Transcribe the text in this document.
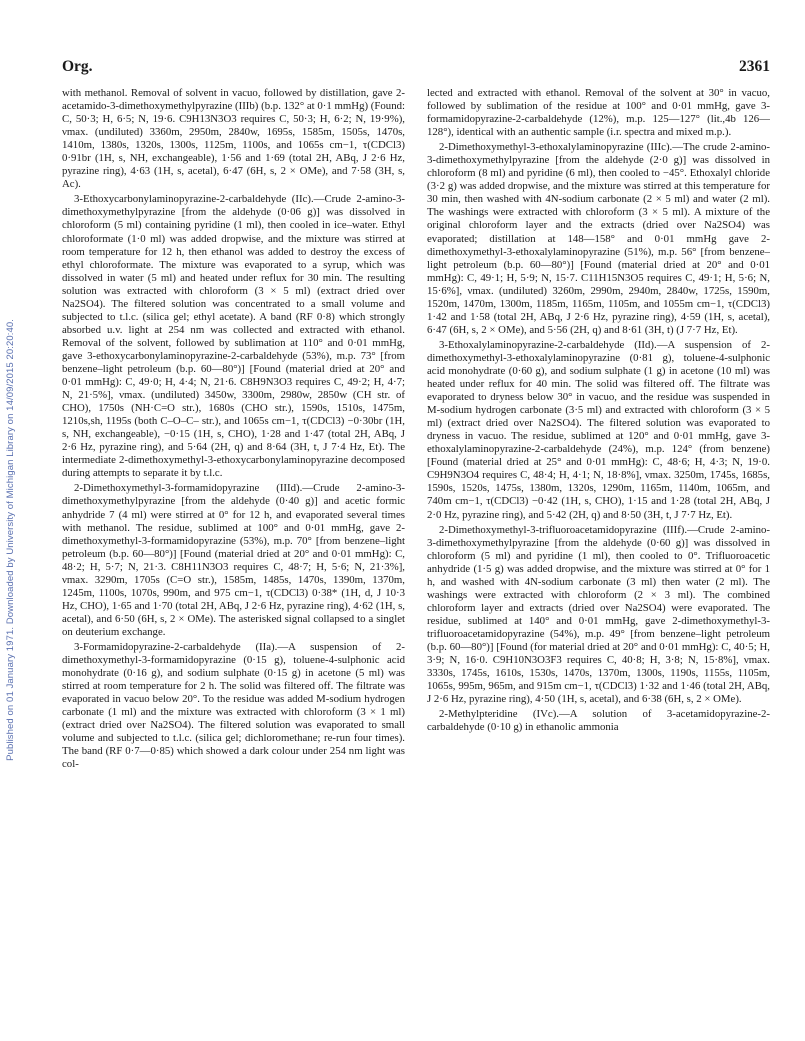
Published on 01 January 1971. Downloaded by University of Michigan Library on 14/09/2015 20:20:40.
Org.	2361

with methanol. Removal of solvent in vacuo, followed by distillation, gave 2-acetamido-3-dimethoxymethylpyrazine (IIIb) (b.p. 132° at 0·1 mmHg) (Found: C, 50·3; H, 6·5; N, 19·6. C9H13N3O3 requires C, 50·3; H, 6·2; N, 19·9%), νmax. (undiluted) 3360m, 2950m, 2840w, 1695s, 1585m, 1505s, 1470s, 1410m, 1380s, 1320s, 1300s, 1125m, 1100s, and 1065s cm−1, τ(CDCl3) 0·91br (1H, s, NH, exchangeable), 1·56 and 1·69 (total 2H, ABq, J 2·6 Hz, pyrazine ring), 4·63 (1H, s, acetal), 6·47 (6H, s, 2 × OMe), and 7·58 (3H, s, Ac).

3-Ethoxycarbonylaminopyrazine-2-carbaldehyde (IIc).—Crude 2-amino-3-dimethoxymethylpyrazine [from the aldehyde (0·06 g)] was dissolved in chloroform (5 ml) containing pyridine (1 ml), then cooled in ice–water. Ethyl chloroformate (1·0 ml) was added dropwise, and the mixture was stirred at room temperature for 12 h, then ethanol was added to destroy the excess of ethyl chloroformate. The mixture was evaporated to a syrup, which was dissolved in water (5 ml) and heated under reflux for 30 min. The resulting solution was extracted with chloroform (3 × 5 ml) (extract dried over Na2SO4). The filtered solution was concentrated to a small volume and subjected to t.l.c. (silica gel; ethyl acetate). A band (RF 0·8) which strongly absorbed u.v. light at 254 nm was collected and extracted with ethanol. Removal of the solvent, followed by sublimation at 110° and 0·01 mmHg, gave 3-ethoxycarbonylaminopyrazine-2-carbaldehyde (53%), m.p. 73° [from benzene–light petroleum (b.p. 60—80°)] [Found (material dried at 20° and 0·01 mmHg): C, 49·0; H, 4·4; N, 21·6. C8H9N3O3 requires C, 49·2; H, 4·7; N, 21·5%], νmax. (undiluted) 3450w, 3300m, 2980w, 2850w (CH str. of CHO), 1750s (NH·C=O str.), 1680s (CHO str.), 1590s, 1510s, 1475m, 1210s,sh, 1195s (both C–O–C– str.), and 1065s cm−1, τ(CDCl3) −0·30br (1H, s, NH, exchangeable), −0·15 (1H, s, CHO), 1·28 and 1·47 (total 2H, ABq, J 2·6 Hz, pyrazine ring), and 5·64 (2H, q) and 8·64 (3H, t, J 7·4 Hz, Et). The intermediate 2-dimethoxymethyl-3-ethoxycarbonylaminopyrazine decomposed during attempts to separate it by t.l.c.

2-Dimethoxymethyl-3-formamidopyrazine (IIId).—Crude 2-amino-3-dimethoxymethylpyrazine [from the aldehyde (0·40 g)] and acetic formic anhydride 7 (4 ml) were stirred at 0° for 12 h, and evaporated several times with methanol. The residue, sublimed at 100° and 0·01 mmHg, gave 2-dimethoxymethyl-3-formamidopyrazine (53%), m.p. 70° [from benzene–light petroleum (b.p. 60—80°)] [Found (material dried at 20° and 0·01 mmHg): C, 48·2; H, 5·7; N, 21·3. C8H11N3O3 requires C, 48·7; H, 5·6; N, 21·3%], νmax. 3290m, 1705s (C=O str.), 1585m, 1485s, 1470s, 1390m, 1370m, 1245m, 1100s, 1070s, 990m, and 975 cm−1, τ(CDCl3) 0·38* (1H, d, J 10·3 Hz, CHO), 1·65 and 1·70 (total 2H, ABq, J 2·6 Hz, pyrazine ring), 4·62 (1H, s, acetal), and 6·50 (6H, s, 2 × OMe). The asterisked signal collapsed to a singlet on deuterium exchange.

3-Formamidopyrazine-2-carbaldehyde (IIa).—A suspension of 2-dimethoxymethyl-3-formamidopyrazine (0·15 g), toluene-4-sulphonic acid monohydrate (0·16 g), and sodium sulphate (0·15 g) in acetone (5 ml) was stirred at room temperature for 2 h. The solid was filtered off. The filtrate was evaporated in vacuo below 20°. To the residue was added M-sodium hydrogen carbonate (1 ml) and the mixture was extracted with chloroform (3 × 1 ml) (extract dried over Na2SO4). The filtered solution was evaporated to small volume and subjected to t.l.c. (silica gel; dichloromethane; re-run four times). The band (RF 0·7—0·85) which showed a dark colour under 254 nm light was col-

lected and extracted with ethanol. Removal of the solvent at 30° in vacuo, followed by sublimation of the residue at 100° and 0·01 mmHg, gave 3-formamidopyrazine-2-carbaldehyde (12%), m.p. 125—127° (lit.,4b 126—128°), identical with an authentic sample (i.r. spectra and mixed m.p.).

2-Dimethoxymethyl-3-ethoxalylaminopyrazine (IIIc).—The crude 2-amino-3-dimethoxymethylpyrazine [from the aldehyde (2·0 g)] was dissolved in chloroform (8 ml) and pyridine (6 ml), then cooled to −45°. Ethoxalyl chloride (3·2 g) was added dropwise, and the mixture was stirred at this temperature for 30 min, then washed with 4N-sodium carbonate (2 × 5 ml) and water (2 ml). The washings were extracted with chloroform (3 × 5 ml). A mixture of the original chloroform layer and the extracts (dried over Na2SO4) was evaporated; distillation at 148—158° and 0·01 mmHg gave 2-dimethoxymethyl-3-ethoxalylaminopyrazine (51%), m.p. 56° [from benzene–light petroleum (b.p. 60—80°)] [Found (material dried at 20° and 0·01 mmHg): C, 49·1; H, 5·9; N, 15·7. C11H15N3O5 requires C, 49·1; H, 5·6; N, 15·6%], νmax. (undiluted) 3260m, 2990m, 2940m, 2840w, 1725s, 1590m, 1520m, 1470m, 1300m, 1185m, 1165m, 1105m, and 1055m cm−1, τ(CDCl3) 1·42 and 1·58 (total 2H, ABq, J 2·6 Hz, pyrazine ring), 4·59 (1H, s, acetal), 6·47 (6H, s, 2 × OMe), and 5·56 (2H, q) and 8·61 (3H, t) (J 7·7 Hz, Et).

3-Ethoxalylaminopyrazine-2-carbaldehyde (IId).—A suspension of 2-dimethoxymethyl-3-ethoxalylaminopyrazine (0·81 g), toluene-4-sulphonic acid monohydrate (0·60 g), and sodium sulphate (1 g) in acetone (10 ml) was heated under reflux for 40 min. The solid was filtered off. The filtrate was evaporated to dryness below 30° in vacuo, and the residue was suspended in M-sodium hydrogen carbonate (3·5 ml) and extracted with chloroform (3 × 5 ml) (extract dried over Na2SO4). The filtered solution was evaporated to dryness in vacuo. The residue, sublimed at 120° and 0·01 mmHg, gave 3-ethoxalylaminopyrazine-2-carbaldehyde (24%), m.p. 124° (from benzene) [Found (material dried at 25° and 0·01 mmHg): C, 48·6; H, 4·3; N, 19·0. C9H9N3O4 requires C, 48·4; H, 4·1; N, 18·8%], νmax. 3250m, 1745s, 1685s, 1590s, 1520s, 1475s, 1380m, 1320s, 1290m, 1165m, 1140m, 1065m, and 740m cm−1, τ(CDCl3) −0·42 (1H, s, CHO), 1·15 and 1·28 (total 2H, ABq, J 2·0 Hz, pyrazine ring), and 5·42 (2H, q) and 8·50 (3H, t, J 7·7 Hz, Et).

2-Dimethoxymethyl-3-trifluoroacetamidopyrazine (IIIf).—Crude 2-amino-3-dimethoxymethylpyrazine [from the aldehyde (0·60 g)] was dissolved in chloroform (5 ml) and pyridine (1 ml), then cooled to 0°. Trifluoroacetic anhydride (1·5 g) was added dropwise, and the mixture was stirred at 0° for 1 h, and washed with 4N-sodium carbonate (3 ml) then water (2 ml). The washings were extracted with chloroform (2 × 3 ml). The combined chloroform layer and extracts (dried over Na2SO4) were evaporated. The residue, sublimed at 140° and 0·01 mmHg, gave 2-dimethoxymethyl-3-trifluoroacetamidopyrazine (54%), m.p. 49° [from benzene–light petroleum (b.p. 60—80°)] [Found (for material dried at 20° and 0·01 mmHg): C, 40·5; H, 3·9; N, 16·0. C9H10N3O3F3 requires C, 40·8; H, 3·8; N, 15·8%], νmax. 3330s, 1745s, 1610s, 1530s, 1470s, 1370m, 1300s, 1190s, 1155s, 1105m, 1065s, 995m, 965m, and 915m cm−1, τ(CDCl3) 1·32 and 1·46 (total 2H, ABq, J 2·6 Hz, pyrazine ring), 4·50 (1H, s, acetal), and 6·38 (6H, s, 2 × OMe).

2-Methylpteridine (IVc).—A solution of 3-acetamidopyrazine-2-carbaldehyde (0·10 g) in ethanolic ammonia
